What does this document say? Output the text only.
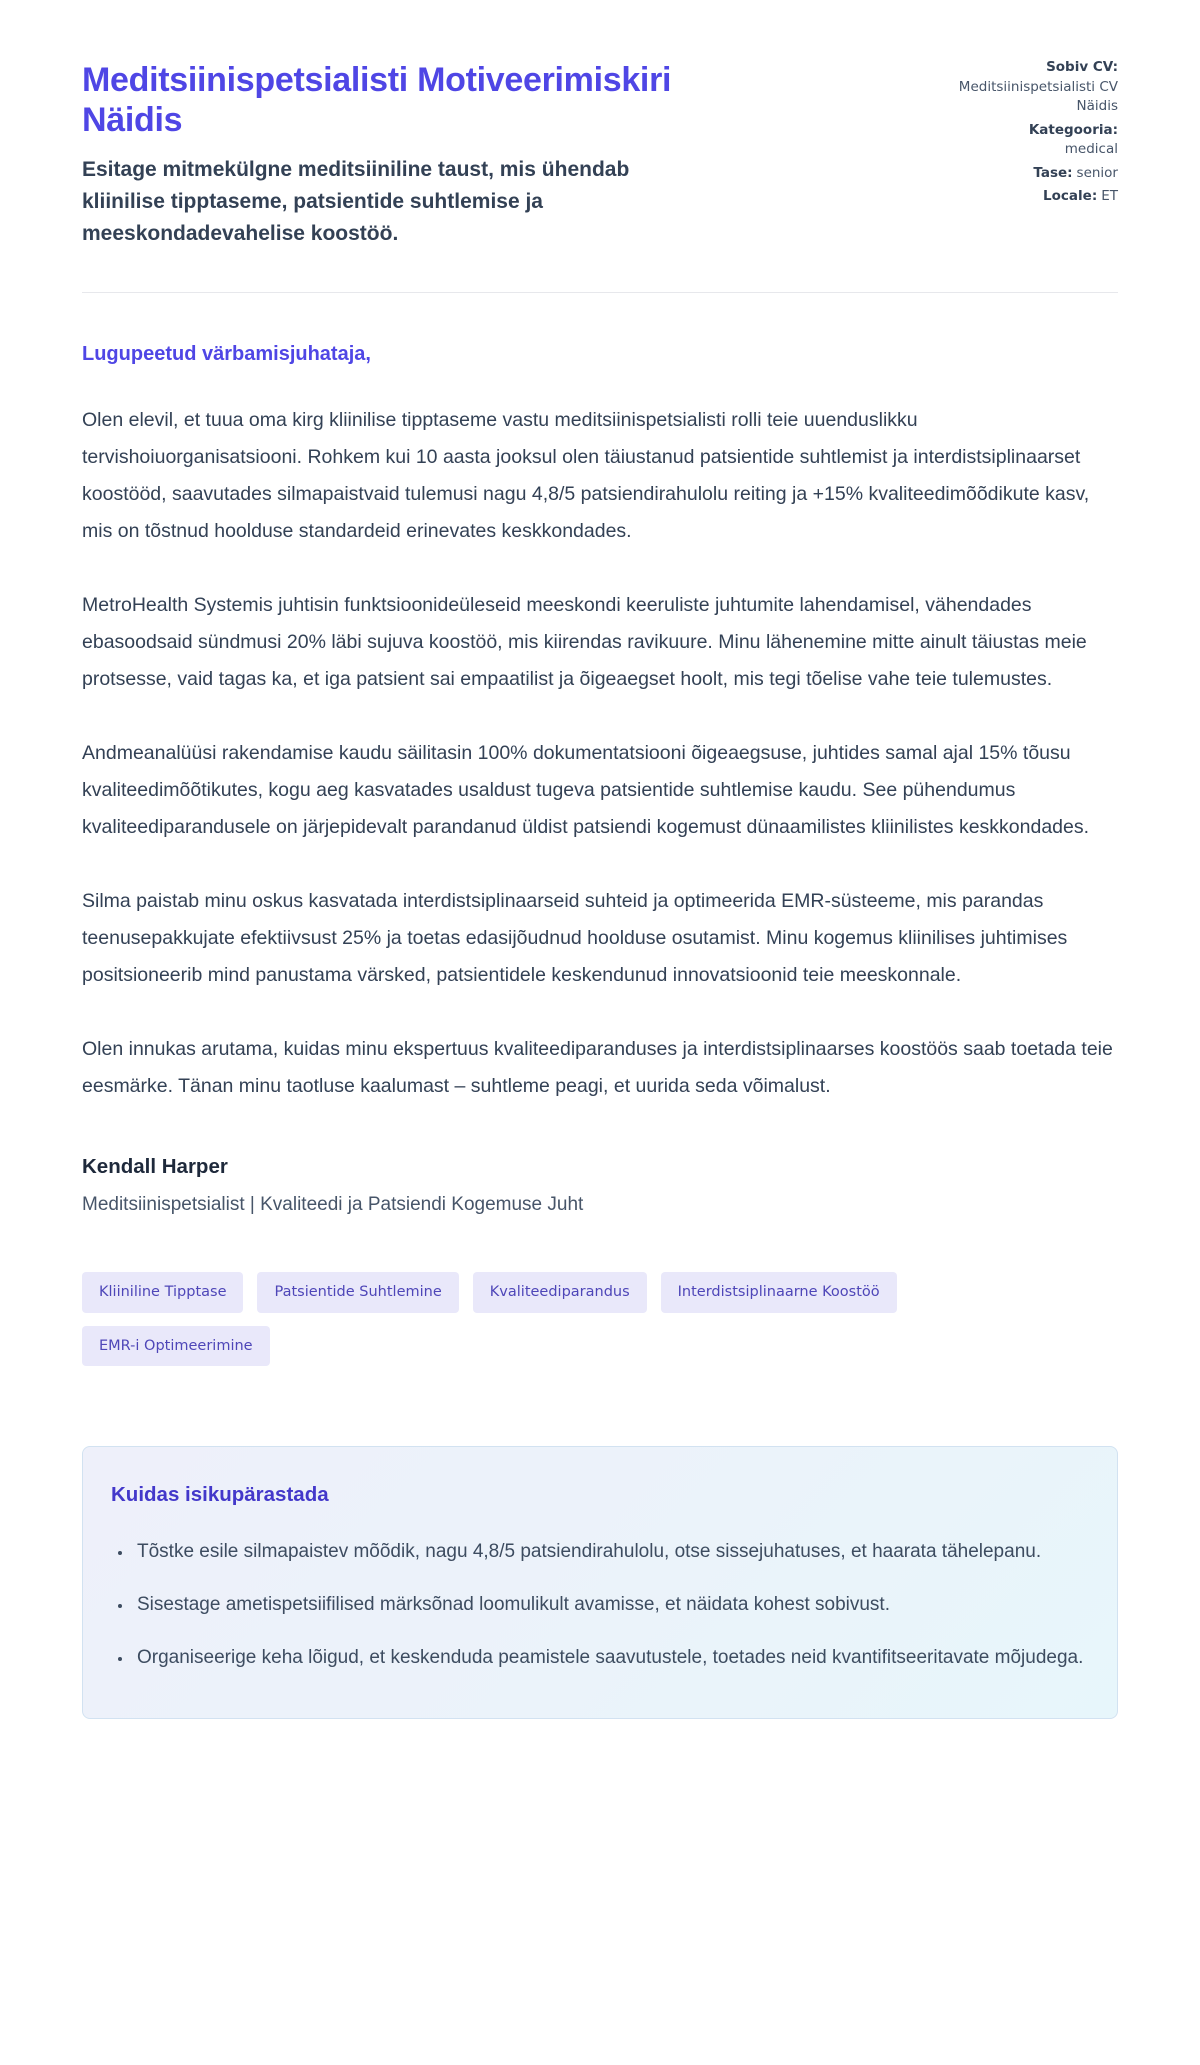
Meditsiinispetsialisti Motiveerimiskiri Näidis
Esitage mitmekülgne meditsiiniline taust, mis ühendab kliinilise tipptaseme, patsientide suhtlemise ja meeskondadevahelise koostöö.
Sobiv CV:
Meditsiinispetsialisti CV Näidis
Kategooria:
medical
Tase: senior
Locale: ET
Lugupeetud värbamisjuhataja,

Olen elevil, et tuua oma kirg kliinilise tipptaseme vastu meditsiinispetsialisti rolli teie uuenduslikku tervishoiuorganisatsiooni. Rohkem kui 10 aasta jooksul olen täiustanud patsientide suhtlemist ja interdistsiplinaarset koostööd, saavutades silmapaistvaid tulemusi nagu 4,8/5 patsiendirahulolu reiting ja +15% kvaliteedimõõdikute kasv, mis on tõstnud hoolduse standardeid erinevates keskkondades.

MetroHealth Systemis juhtisin funktsioonideüleseid meeskondi keeruliste juhtumite lahendamisel, vähendades ebasoodsaid sündmusi 20% läbi sujuva koostöö, mis kiirendas ravikuure. Minu lähenemine mitte ainult täiustas meie protsesse, vaid tagas ka, et iga patsient sai empaatilist ja õigeaegset hoolt, mis tegi tõelise vahe teie tulemustes.

Andmeanalüüsi rakendamise kaudu säilitasin 100% dokumentatsiooni õigeaegsuse, juhtides samal ajal 15% tõusu kvaliteedimõõtikutes, kogu aeg kasvatades usaldust tugeva patsientide suhtlemise kaudu. See pühendumus kvaliteediparandusele on järjepidevalt parandanud üldist patsiendi kogemust dünaamilistes kliinilistes keskkondades.

Silma paistab minu oskus kasvatada interdistsiplinaarseid suhteid ja optimeerida EMR-süsteeme, mis parandas teenusepakkujate efektiivsust 25% ja toetas edasijõudnud hoolduse osutamist. Minu kogemus kliinilises juhtimises positsioneerib mind panustama värsked, patsientidele keskendunud innovatsioonid teie meeskonnale.

Olen innukas arutama, kuidas minu ekspertuus kvaliteediparanduses ja interdistsiplinaarses koostöös saab toetada teie eesmärke. Tänan minu taotluse kaalumast – suhtleme peagi, et uurida seda võimalust.

Kendall Harper
Meditsiinispetsialist | Kvaliteedi ja Patsiendi Kogemuse Juht
Kliiniline Tipptase	Patsientide Suhtlemine	Kvaliteediparandus	Interdistsiplinaarne Koostöö
EMR-i Optimeerimine
Kuidas isikupärastada
• Tõstke esile silmapaistev mõõdik, nagu 4,8/5 patsiendirahulolu, otse sissejuhatuses, et haarata tähelepanu.
• Sisestage ametispetsiifilised märksõnad loomulikult avamisse, et näidata kohest sobivust.
• Organiseerige keha lõigud, et keskenduda peamistele saavutustele, toetades neid kvantifitseeritavate mõjudega.
